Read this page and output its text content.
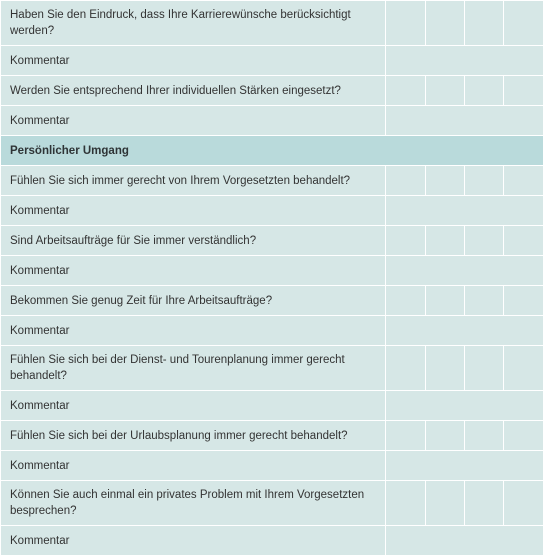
Haben Sie den Eindruck, dass Ihre Karrierewünsche berücksichtigt werden?				
Kommentar				
Werden Sie entsprechend Ihrer individuellen Stärken eingesetzt?				
Kommentar				
Persönlicher Umgang				
Fühlen Sie sich immer gerecht von Ihrem Vorgesetzten behandelt?				
Kommentar				
Sind Arbeitsaufträge für Sie immer verständlich?				
Kommentar				
Bekommen Sie genug Zeit für Ihre Arbeitsaufträge?				
Kommentar				
Fühlen Sie sich bei der Dienst- und Tourenplanung immer gerecht behandelt?				
Kommentar				
Fühlen Sie sich bei der Urlaubsplanung immer gerecht behandelt?				
Kommentar				
Können Sie auch einmal ein privates Problem mit Ihrem Vorgesetzten besprechen?				
Kommentar				
